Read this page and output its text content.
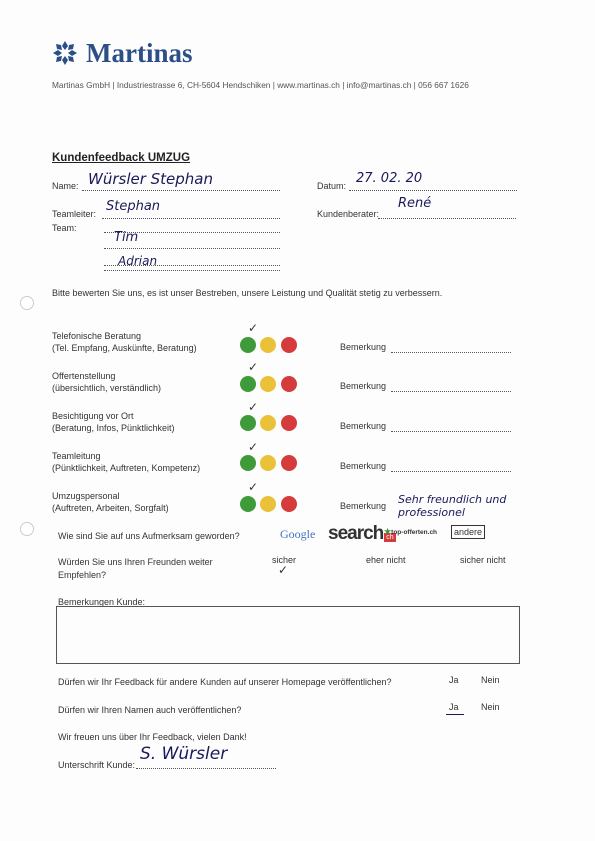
Martinas
Martinas GmbH | Industriestrasse 6, CH-5604 Hendschiken | www.martinas.ch | info@martinas.ch | 056 667 1626
Kundenfeedback UMZUG
Name: Würsler Stephan	Datum: 27. 02. 20
Teamleiter: Stephan	Kundenberater:
René
Team:
Tim
Adrian
Bitte bewerten Sie uns, es ist unser Bestreben, unsere Leistung und Qualität stetig zu verbessern.
Telefonische Beratung
(Tel. Empfang, Auskünfte, Beratung)
✓

Bemerkung
Offertenstellung
(übersichtlich, verständlich)
✓

Bemerkung
Besichtigung vor Ort
(Beratung, Infos, Pünktlichkeit)
✓

Bemerkung
Teamleitung
(Pünktlichkeit, Auftreten, Kompetenz)
✓

Bemerkung
Umzugspersonal
(Auftreten, Arbeiten, Sorgfalt)
✓

Bemerkung Sehr freundlich und professionel
Wie sind Sie auf uns Aufmerksam geworden?	Google search ch
★top-offerten.ch	andere
Würden Sie uns Ihren Freunden weiter
Empfehlen?
sicher
✓
eher nicht	sicher nicht
Bemerkungen Kunde:
Dürfen wir Ihr Feedback für andere Kunden auf unserer Homepage veröffentlichen?	Ja Nein
Dürfen wir Ihren Namen auch veröffentlichen?	Ja Nein
Wir freuen uns über Ihr Feedback, vielen Dank!
Unterschrift Kunde:
S. Würsler
